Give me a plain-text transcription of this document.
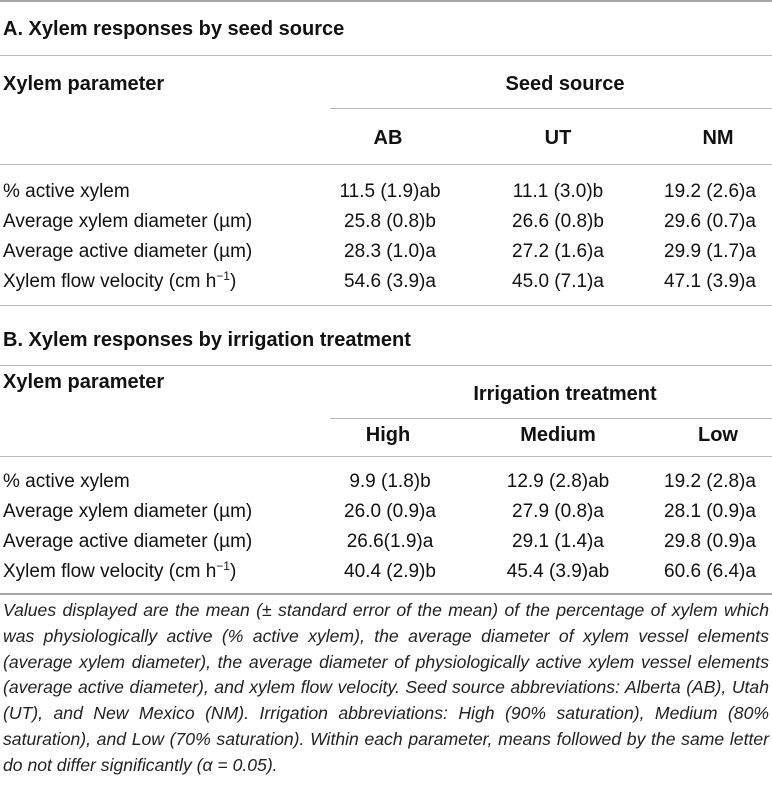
A. Xylem responses by seed source
Xylem parameter	Seed source
AB	UT	NM
% active xylem	11.5 (1.9)ab	11.1 (3.0)b	19.2 (2.6)a
Average xylem diameter (µm)	25.8 (0.8)b	26.6 (0.8)b	29.6 (0.7)a
Average active diameter (µm)	28.3 (1.0)a	27.2 (1.6)a	29.9 (1.7)a
Xylem flow velocity (cm $h^{-1}$)	54.6 (3.9)a	45.0 (7.1)a	47.1 (3.9)a
B. Xylem responses by irrigation treatment
Xylem parameter
Irrigation treatment
High	Medium	Low
% active xylem	9.9 (1.8)b	12.9 (2.8)ab	19.2 (2.8)a
Average xylem diameter (µm)	26.0 (0.9)a	27.9 (0.8)a	28.1 (0.9)a
Average active diameter (µm)	26.6(1.9)a	29.1 (1.4)a	29.8 (0.9)a
Xylem flow velocity (cm $h^{-1}$)	40.4 (2.9)b	45.4 (3.9)ab	60.6 (6.4)a
Values displayed are the mean (± standard error of the mean) of the percentage of xylem which was physiologically active (% active xylem), the average diameter of xylem vessel elements (average xylem diameter), the average diameter of physiologically active xylem vessel elements (average active diameter), and xylem flow velocity. Seed source abbreviations: Alberta (AB), Utah (UT), and New Mexico (NM). Irrigation abbreviations: High (90% saturation), Medium (80% saturation), and Low (70% saturation). Within each parameter, means followed by the same letter do not differ significantly (α = 0.05).
